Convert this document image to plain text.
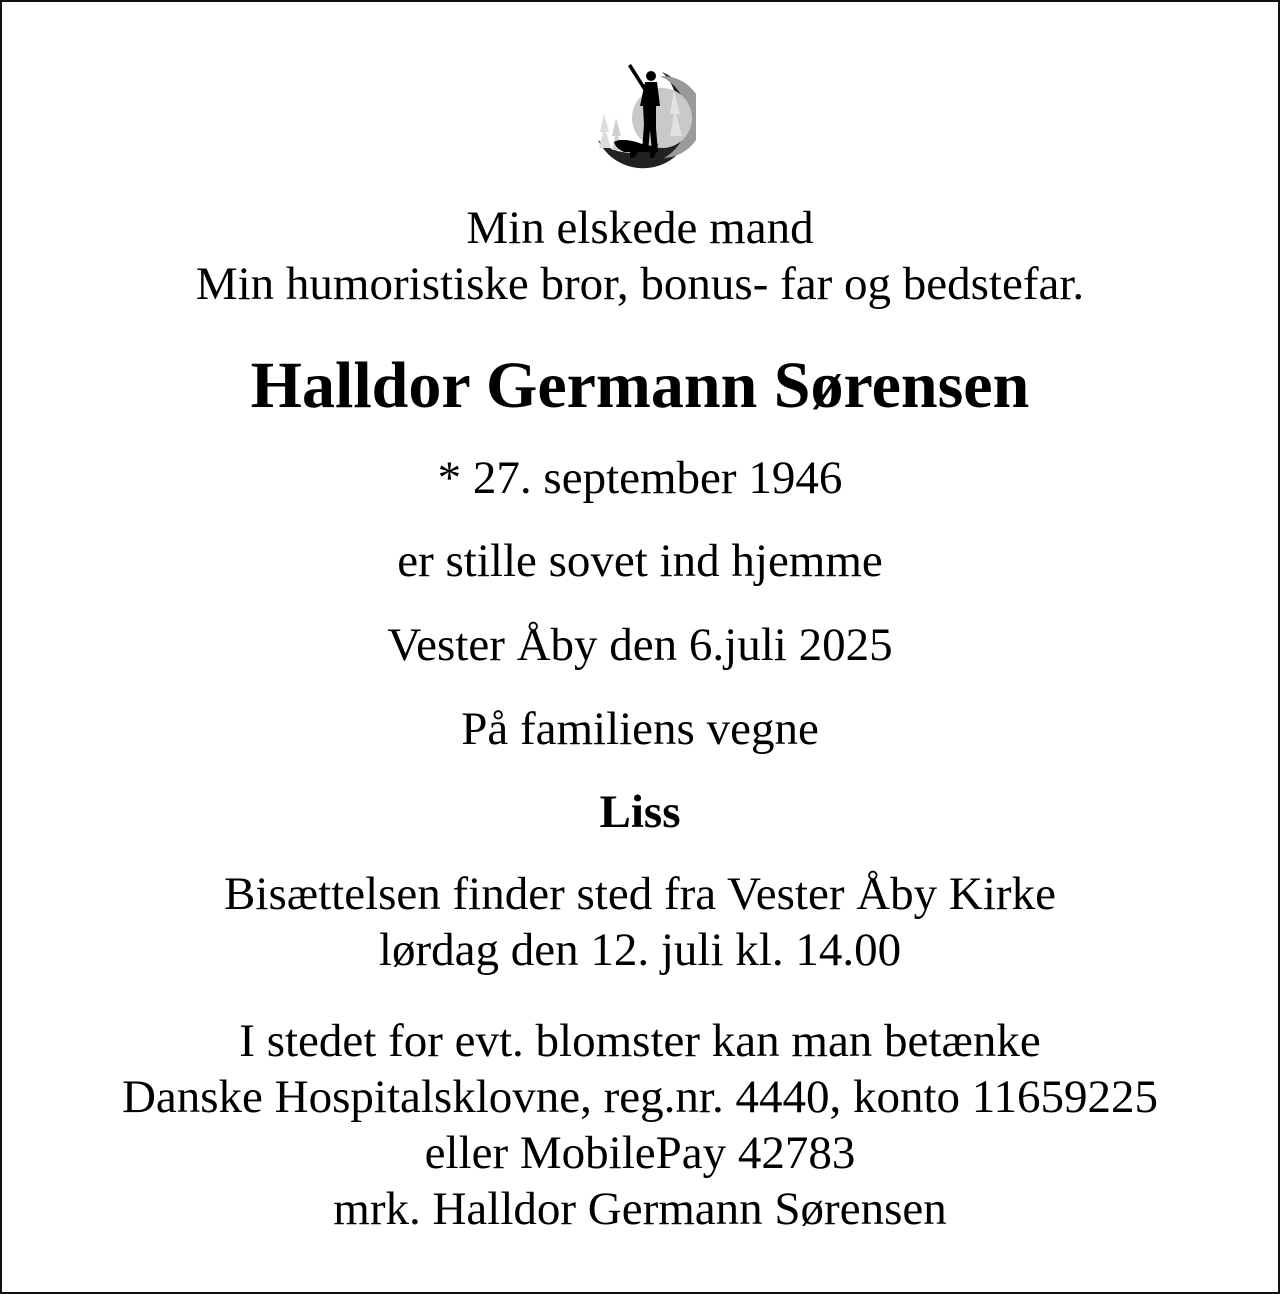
Min elskede mand
Min humoristiske bror, bonus- far og bedstefar.

Halldor Germann Sørensen

* 27. september 1946

er stille sovet ind hjemme

Vester Åby den 6.juli 2025

På familiens vegne

Liss

Bisættelsen finder sted fra Vester Åby Kirke
lørdag den 12. juli kl. 14.00

I stedet for evt. blomster kan man betænke
Danske Hospitalsklovne, reg.nr. 4440, konto 11659225
eller MobilePay 42783
mrk. Halldor Germann Sørensen
